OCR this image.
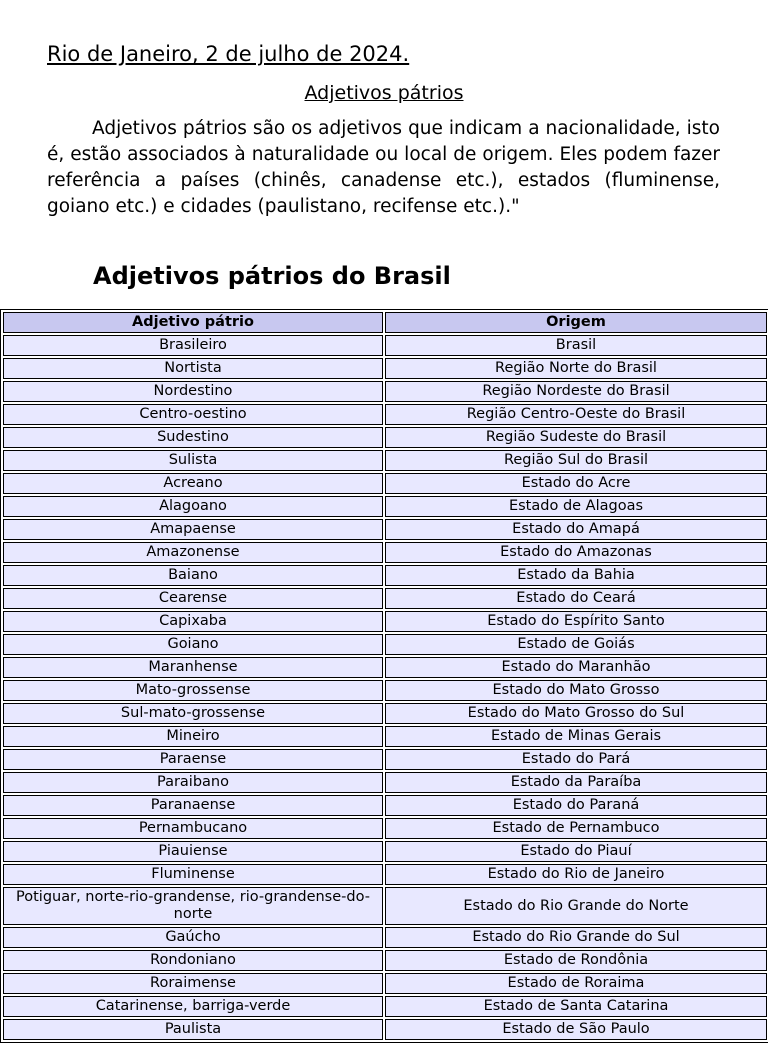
Rio de Janeiro, 2 de julho de 2024.
Adjetivos pátrios

Adjetivos pátrios são os adjetivos que indicam a nacionalidade, isto é, estão associados à naturalidade ou local de origem. Eles podem fazer referência a países (chinês, canadense etc.), estados (fluminense, goiano etc.) e cidades (paulistano, recifense etc.)."

Adjetivos pátrios do Brasil
Adjetivo pátrio	Origem
Brasileiro	Brasil
Nortista	Região Norte do Brasil
Nordestino	Região Nordeste do Brasil
Centro-oestino	Região Centro-Oeste do Brasil
Sudestino	Região Sudeste do Brasil
Sulista	Região Sul do Brasil
Acreano	Estado do Acre
Alagoano	Estado de Alagoas
Amapaense	Estado do Amapá
Amazonense	Estado do Amazonas
Baiano	Estado da Bahia
Cearense	Estado do Ceará
Capixaba	Estado do Espírito Santo
Goiano	Estado de Goiás
Maranhense	Estado do Maranhão
Mato-grossense	Estado do Mato Grosso
Sul-mato-grossense	Estado do Mato Grosso do Sul
Mineiro	Estado de Minas Gerais
Paraense	Estado do Pará
Paraibano	Estado da Paraíba
Paranaense	Estado do Paraná
Pernambucano	Estado de Pernambuco
Piauiense	Estado do Piauí
Fluminense	Estado do Rio de Janeiro
Potiguar, norte-rio-grandense, rio-grandense-do-norte	Estado do Rio Grande do Norte
Gaúcho	Estado do Rio Grande do Sul
Rondoniano	Estado de Rondônia
Roraimense	Estado de Roraima
Catarinense, barriga-verde	Estado de Santa Catarina
Paulista	Estado de São Paulo
